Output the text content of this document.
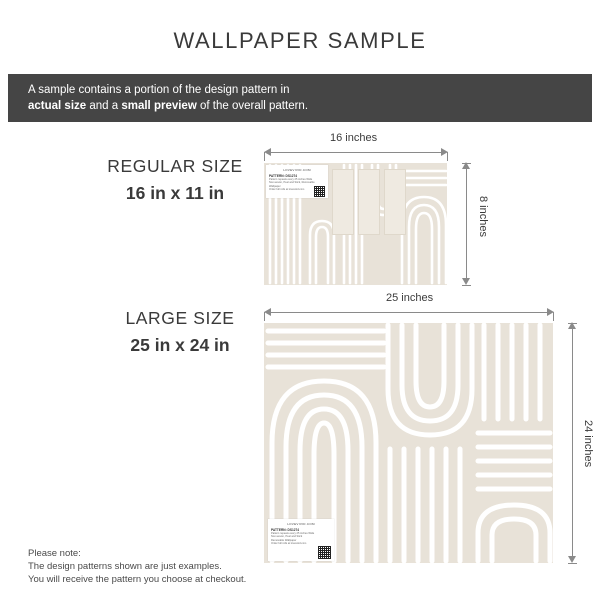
WALLPAPER SAMPLE
A sample contains a portion of the design pattern in
actual size and a small preview of the overall pattern.
16 inches
8 inches
LOVEVIVID.COM
PATTERN: DS1274
Pattern repeats every 25 inches Wide
Non-woven, Peel and Stick, Removable Wallpaper
Order full rolls at lovevivid.com
REGULAR SIZE
16 in x 11 in
25 inches
24 inches
LOVEVIVID.COM
PATTERN: DS1274
Pattern repeats every 25 inches Wide
Non-woven, Peel and Stick
Removable Wallpaper
Order full rolls at lovevivid.com
LARGE SIZE
25 in x 24 in
Please note:
The design patterns shown are just examples.
You will receive the pattern you choose at checkout.
